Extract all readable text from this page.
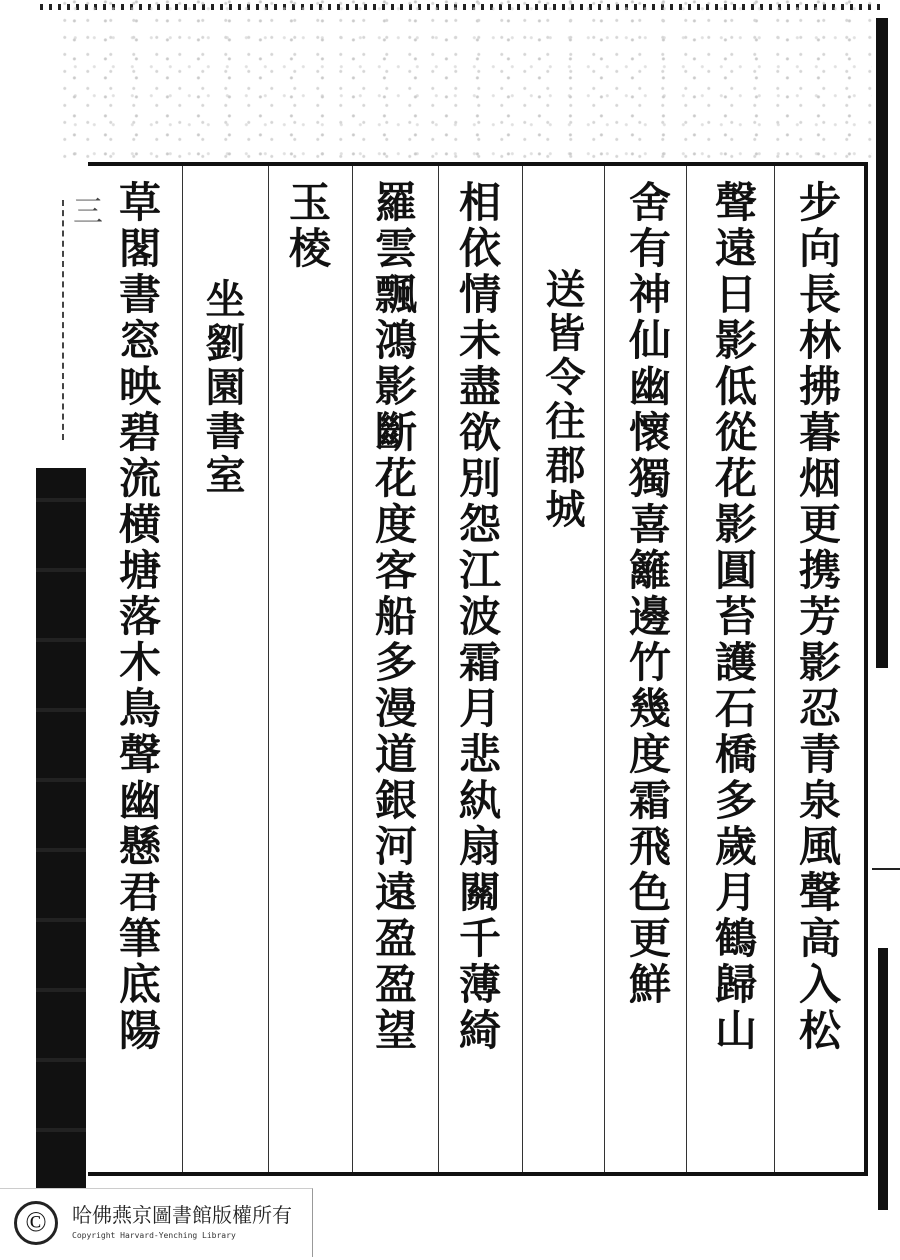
三	步向長林拂暮烟更携芳影忍青泉風聲高入松
聲遠日影低從花影圓苔護石橋多歲月鶴歸山
舍有神仙幽懷獨喜籬邊竹幾度霜飛色更鮮
送皆令往郡城
相依情未盡欲別怨江波霜月悲紈扇關千薄綺
羅雲飄鴻影斷花度客船多漫道銀河遠盈盈望
玉棱
坐劉園書室
草閣書窓映碧流横塘落木鳥聲幽懸君筆底陽
©	哈佛燕京圖書館版權所有
Copyright Harvard-Yenching Library
